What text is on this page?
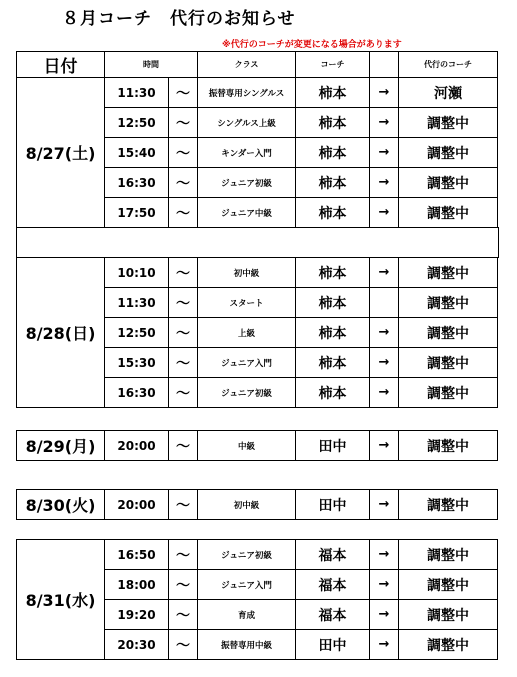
８月コーチ　代行のお知らせ
※代行のコーチが変更になる場合があります
日付	時間		クラス	コーチ		代行のコーチ
8/27(土)	11:30	～	振替専用シングルス	柿本	→	河瀬
	12:50	～	シングルス上級	柿本	→	調整中
	15:40	～	キンダー入門	柿本	→	調整中
	16:30	～	ジュニア初級	柿本	→	調整中
	17:50	～	ジュニア中級	柿本	→	調整中
8/28(日)	10:10	～	初中級	柿本	→	調整中
	11:30	～	スタート	柿本		調整中
	12:50	～	上級	柿本	→	調整中
	15:30	～	ジュニア入門	柿本	→	調整中
	16:30	～	ジュニア初級	柿本	→	調整中
8/29(月)	20:00	～	中級	田中	→	調整中
8/30(火)	20:00	～	初中級	田中	→	調整中
8/31(水)	16:50	～	ジュニア初級	福本	→	調整中
	18:00	～	ジュニア入門	福本	→	調整中
	19:20	～	育成	福本	→	調整中
	20:30	～	振替専用中級	田中	→	調整中
